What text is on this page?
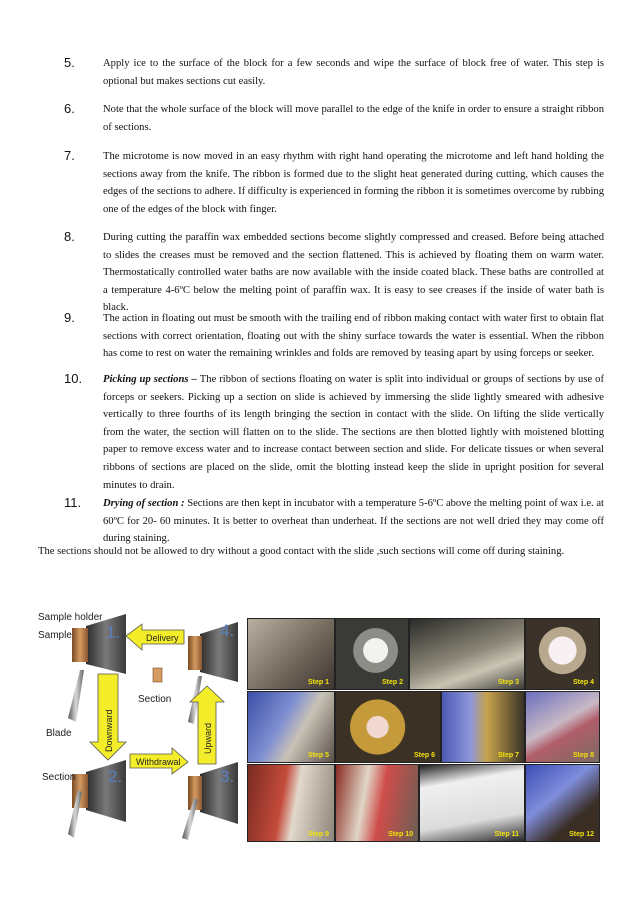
5.	Apply ice to the surface of the block for a few seconds and wipe the surface of block free of water. This step is optional but makes sections cut easily.
6.	Note that the whole surface of the block will move parallel to the edge of the knife in order to ensure a straight ribbon of sections.
7.	The microtome is now moved in an easy rhythm with right hand operating the microtome and left hand holding the sections away from the knife. The ribbon is formed due to the slight heat generated during cutting, which causes the edges of the sections to adhere. If difficulty is experienced in forming the ribbon it is sometimes overcome by rubbing one of the edges of the block with finger.
8.	During cutting the paraffin wax embedded sections become slightly compressed and creased. Before being attached to slides the creases must be removed and the section flattened. This is achieved by floating them on warm water. Thermostatically controlled water baths are now available with the inside coated black. These baths are controlled at a temperature 4-6ºC below the melting point of paraffin wax. It is easy to see creases if the inside of water bath is black.
9.	The action in floating out must be smooth with the trailing end of ribbon making contact with water first to obtain flat sections with correct orientation, floating out with the shiny surface towards the water is essential. When the ribbon has come to rest on water the remaining wrinkles and folds are removed by teasing apart by using forceps or seeker.
10. Picking up sections – The ribbon of sections floating on water is split into individual or groups of sections by use of forceps or seekers. Picking up a section on slide is achieved by immersing the slide lightly smeared with adhesive vertically to three fourths of its length bringing the section in contact with the slide. On lifting the slide vertically from the water, the section will flatten on to the slide. The sections are then blotted lightly with moistened blotting paper to remove excess water and to increase contact between section and slide. For delicate tissues or when several ribbons of sections are placed on the slide, omit the blotting instead keep the slide in upright position for several minutes to drain.
11. Drying of section : Sections are then kept in incubator with a temperature 5-6ºC above the melting point of wax i.e. at 60ºC for 20- 60 minutes. It is better to overheat than underheat. If the sections are not well dried they may come off during staining.
The sections should not be allowed to dry without a good contact with the slide ,such sections will come off during staining.
Sample holder
Sample
Section
Blade
Section
Delivery
Withdrawal
Downward	Upward
1.	4.
2.	3.
Step 1	Step 2	Step 3	Step 4
Step 5	Step 6	Step 7	Step 8
Step 9	Step 10	Step 11	Step 12
